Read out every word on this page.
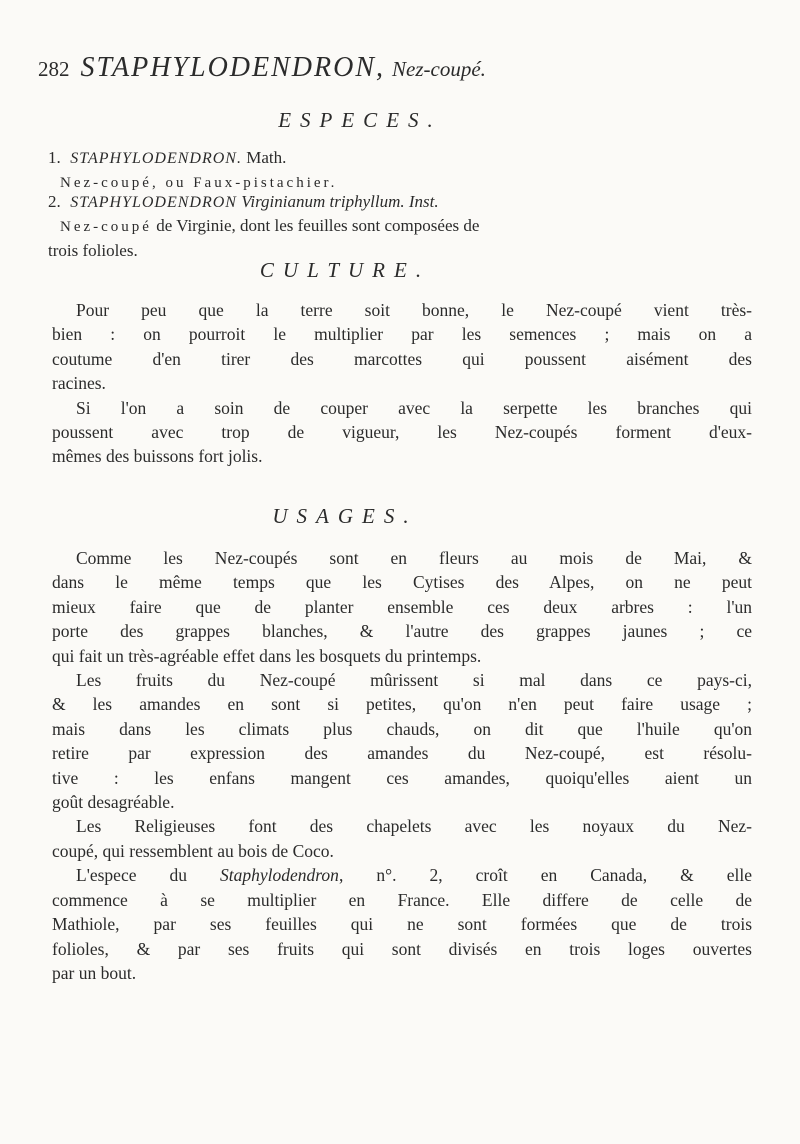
282 STAPHYLODENDRON, Nez-coupé.
ESPECES.
1. STAPHYLODENDRON. Math.
Nez-coupé, ou Faux-pistachier.
2. STAPHYLODENDRON Virginianum triphyllum. Inst.
Nez-coupé de Virginie, dont les feuilles sont composées de
trois folioles.
CULTURE.
Pour peu que la terre soit bonne, le Nez-coupé vient très-
bien : on pourroit le multiplier par les semences ; mais on a
coutume d'en tirer des marcottes qui poussent aisément des
racines.
Si l'on a soin de couper avec la serpette les branches qui
poussent avec trop de vigueur, les Nez-coupés forment d'eux-
mêmes des buissons fort jolis.
USAGES.
Comme les Nez-coupés sont en fleurs au mois de Mai, &
dans le même temps que les Cytises des Alpes, on ne peut
mieux faire que de planter ensemble ces deux arbres : l'un
porte des grappes blanches, & l'autre des grappes jaunes ; ce
qui fait un très-agréable effet dans les bosquets du printemps.
Les fruits du Nez-coupé mûrissent si mal dans ce pays-ci,
& les amandes en sont si petites, qu'on n'en peut faire usage ;
mais dans les climats plus chauds, on dit que l'huile qu'on
retire par expression des amandes du Nez-coupé, est résolu-
tive : les enfans mangent ces amandes, quoiqu'elles aient un
goût desagréable.
Les Religieuses font des chapelets avec les noyaux du Nez-
coupé, qui ressemblent au bois de Coco.
L'espece du Staphylodendron, n°. 2, croît en Canada, & elle
commence à se multiplier en France. Elle differe de celle de
Mathiole, par ses feuilles qui ne sont formées que de trois
folioles, & par ses fruits qui sont divisés en trois loges ouvertes
par un bout.
